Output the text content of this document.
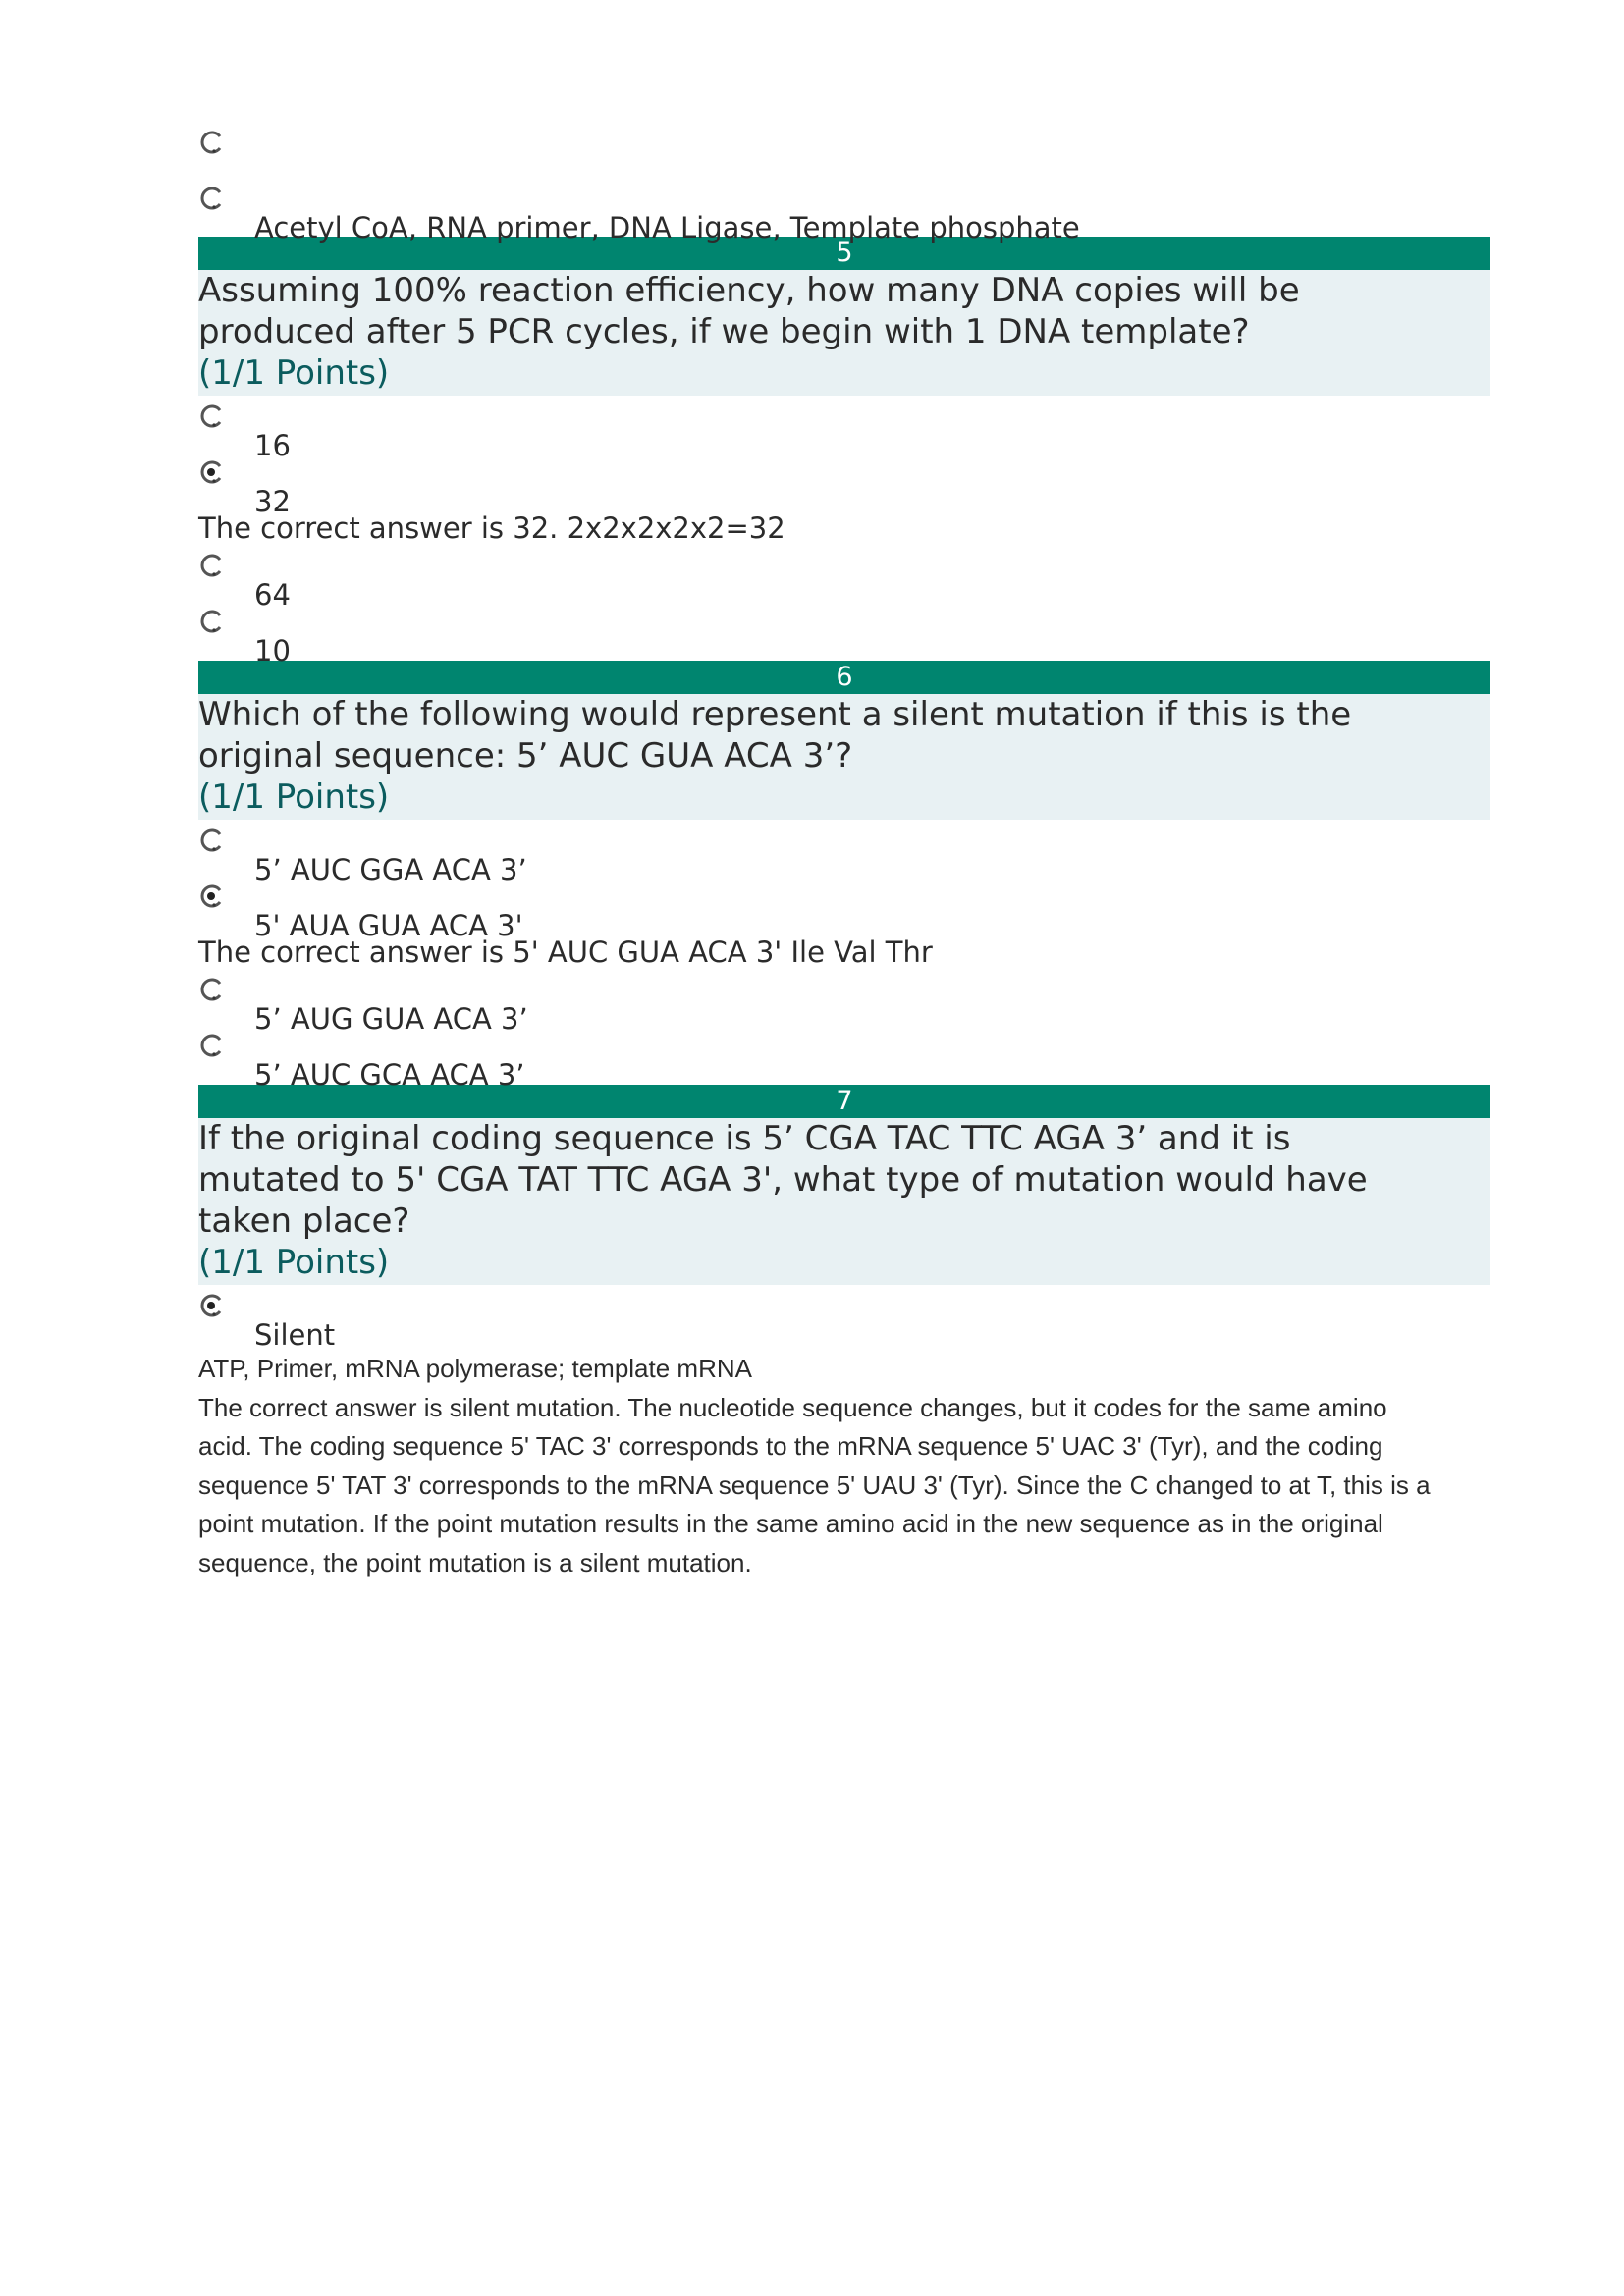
Acetyl CoA, RNA primer, DNA Ligase, Template phosphate
5
Assuming 100% reaction efficiency, how many DNA copies will be
produced after 5 PCR cycles, if we begin with 1 DNA template?
(1/1 Points)
16
32
The correct answer is 32. 2x2x2x2x2=32
64
10
6
Which of the following would represent a silent mutation if this is the
original sequence: 5’ AUC GUA ACA 3’?
(1/1 Points)
5’ AUC GGA ACA 3’
5' AUA GUA ACA 3'
The correct answer is 5' AUC GUA ACA 3' Ile Val Thr
5’ AUG GUA ACA 3’
5’ AUC GCA ACA 3’
7
If the original coding sequence is 5’ CGA TAC TTC AGA 3’ and it is
mutated to 5' CGA TAT TTC AGA 3', what type of mutation would have
taken place?
(1/1 Points)
Silent

ATP, Primer, mRNA polymerase; template mRNA

The correct answer is silent mutation. The nucleotide sequence changes, but it codes for the same amino

acid. The coding sequence 5' TAC 3' corresponds to the mRNA sequence 5' UAC 3' (Tyr), and the coding

sequence 5' TAT 3' corresponds to the mRNA sequence 5' UAU 3' (Tyr). Since the C changed to at T, this is a

point mutation. If the point mutation results in the same amino acid in the new sequence as in the original

sequence, the point mutation is a silent mutation.
